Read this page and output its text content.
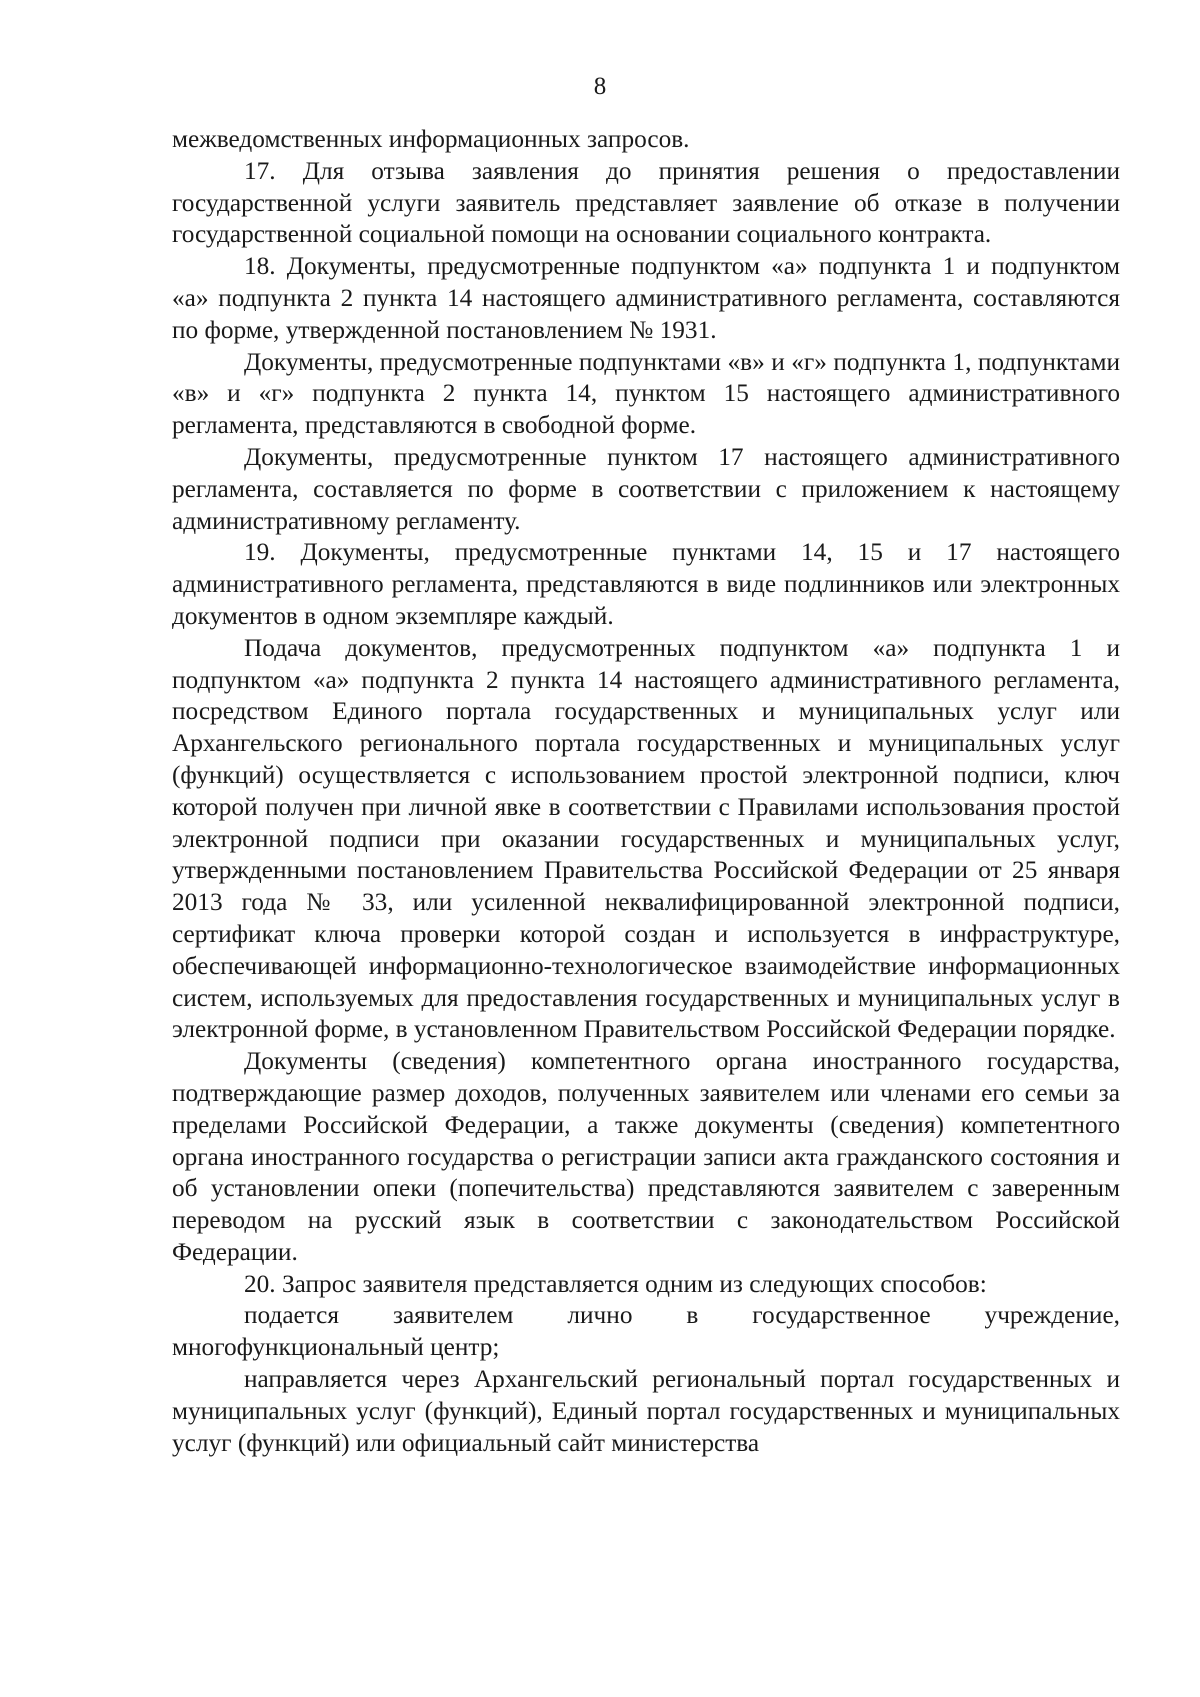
8

межведомственных информационных запросов.

17. Для отзыва заявления до принятия решения о предоставлении государственной услуги заявитель представляет заявление об отказе в получении государственной социальной помощи на основании социального контракта.

18. Документы, предусмотренные подпунктом «а» подпункта 1 и подпунктом «а» подпункта 2 пункта 14 настоящего административного регламента, составляются по форме, утвержденной постановлением № 1931.

Документы, предусмотренные подпунктами «в» и «г» подпункта 1, подпунктами «в» и «г» подпункта 2 пункта 14, пунктом 15 настоящего административного регламента, представляются в свободной форме.

Документы, предусмотренные пунктом 17 настоящего административного регламента, составляется по форме в соответствии с приложением к настоящему административному регламенту.

19. Документы, предусмотренные пунктами 14, 15 и 17 настоящего административного регламента, представляются в виде подлинников или электронных документов в одном экземпляре каждый.

Подача документов, предусмотренных подпунктом «а» подпункта 1 и подпунктом «а» подпункта 2 пункта 14 настоящего административного регламента, посредством Единого портала государственных и муниципальных услуг или Архангельского регионального портала государственных и муниципальных услуг (функций) осуществляется с использованием простой электронной подписи, ключ которой получен при личной явке в соответствии с Правилами использования простой электронной подписи при оказании государственных и муниципальных услуг, утвержденными постановлением Правительства Российской Федерации от 25 января 2013 года № 33, или усиленной неквалифицированной электронной подписи, сертификат ключа проверки которой создан и используется в инфраструктуре, обеспечивающей информационно-технологическое взаимодействие информационных систем, используемых для предоставления государственных и муниципальных услуг в электронной форме, в установленном Правительством Российской Федерации порядке.

Документы (сведения) компетентного органа иностранного государства, подтверждающие размер доходов, полученных заявителем или членами его семьи за пределами Российской Федерации, а также документы (сведения) компетентного органа иностранного государства о регистрации записи акта гражданского состояния и об установлении опеки (попечительства) представляются заявителем с заверенным переводом на русский язык в соответствии с законодательством Российской Федерации.

20. Запрос заявителя представляется одним из следующих способов:

подается заявителем лично в государственное учреждение, многофункциональный центр;

направляется через Архангельский региональный портал государственных и муниципальных услуг (функций), Единый портал государственных и муниципальных услуг (функций) или официальный сайт министерства
